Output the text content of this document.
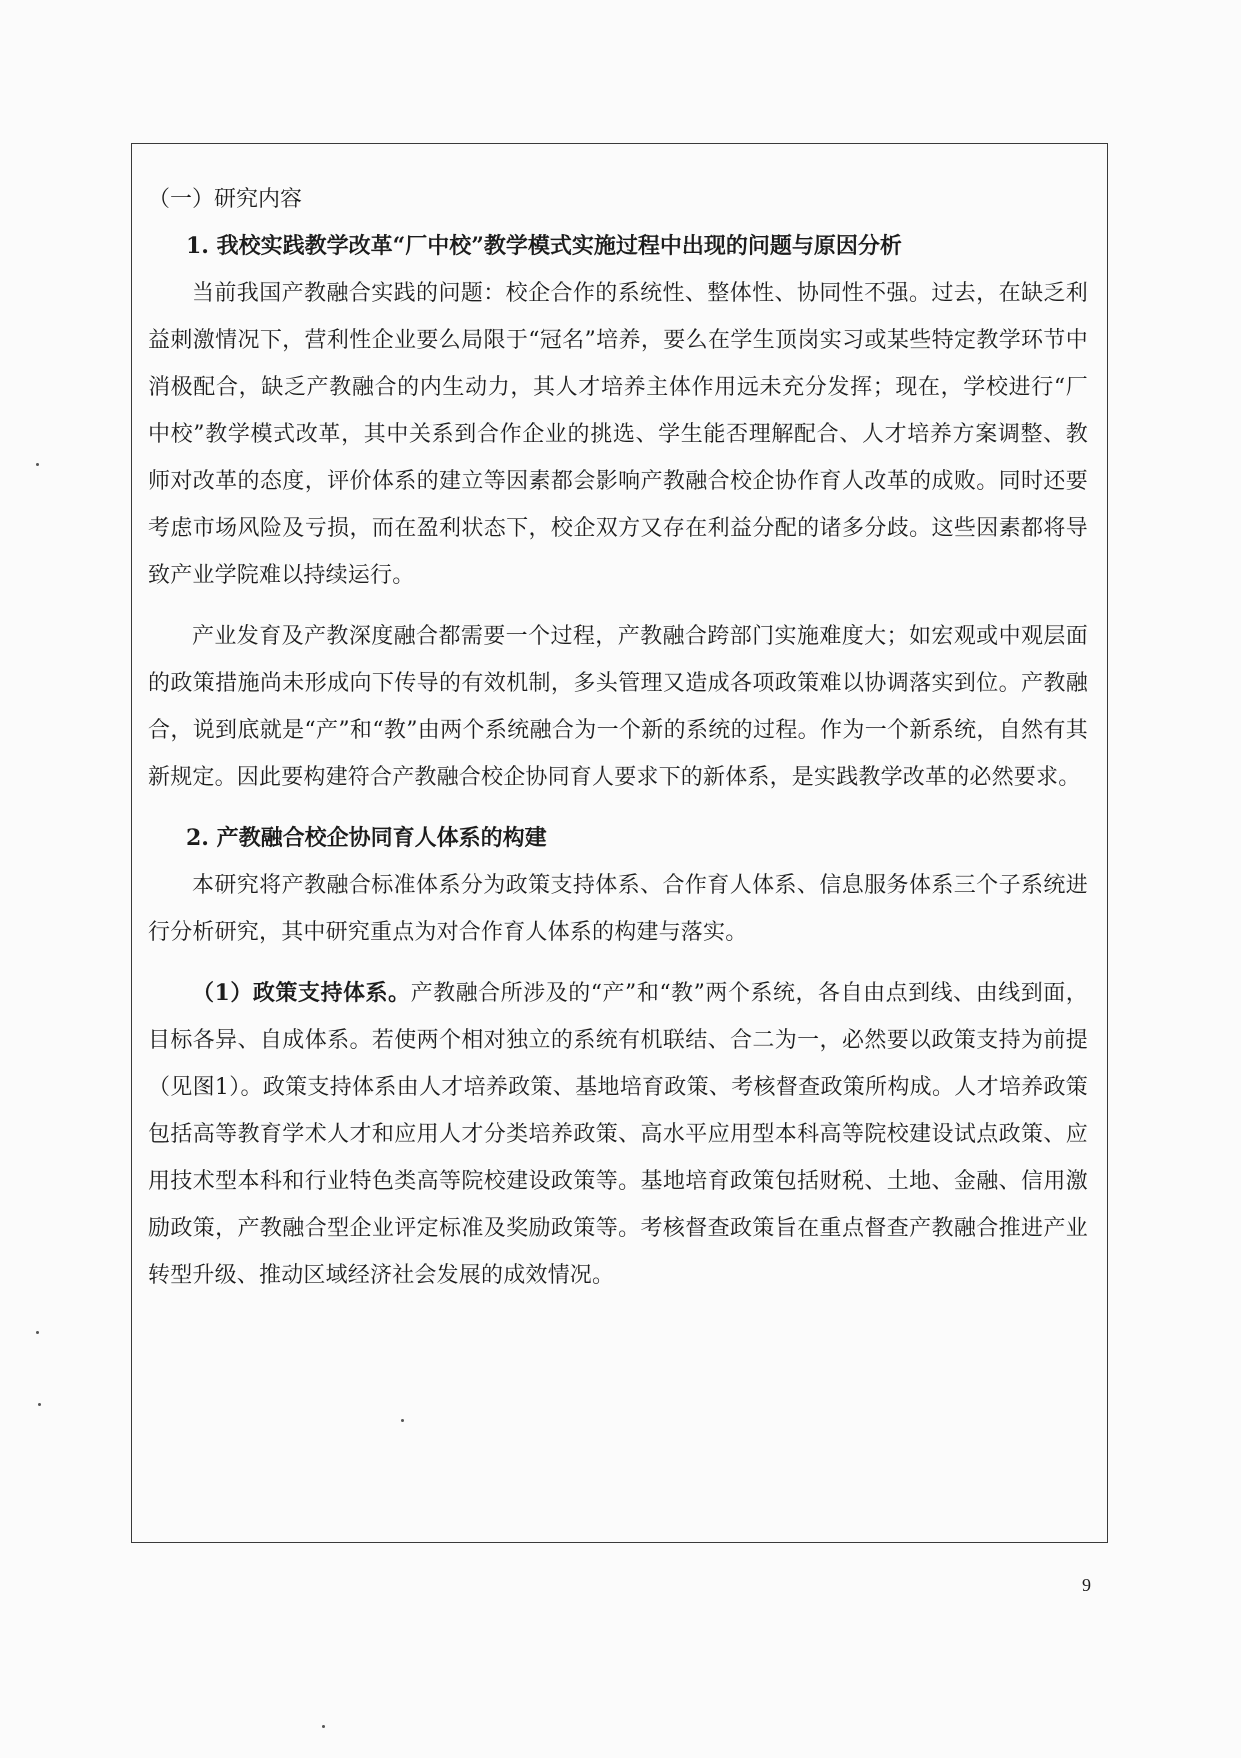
（一）研究内容

1. 我校实践教学改革“厂中校”教学模式实施过程中出现的问题与原因分析

当前我国产教融合实践的问题：校企合作的系统性、整体性、协同性不强。过去，在缺乏利益刺激情况下，营利性企业要么局限于“冠名”培养，要么在学生顶岗实习或某些特定教学环节中消极配合，缺乏产教融合的内生动力，其人才培养主体作用远未充分发挥；现在，学校进行“厂中校”教学模式改革，其中关系到合作企业的挑选、学生能否理解配合、人才培养方案调整、教师对改革的态度，评价体系的建立等因素都会影响产教融合校企协作育人改革的成败。同时还要考虑市场风险及亏损，而在盈利状态下，校企双方又存在利益分配的诸多分歧。这些因素都将导致产业学院难以持续运行。

产业发育及产教深度融合都需要一个过程，产教融合跨部门实施难度大；如宏观或中观层面的政策措施尚未形成向下传导的有效机制，多头管理又造成各项政策难以协调落实到位。产教融合，说到底就是“产”和“教”由两个系统融合为一个新的系统的过程。作为一个新系统，自然有其新规定。因此要构建符合产教融合校企协同育人要求下的新体系，是实践教学改革的必然要求。

2. 产教融合校企协同育人体系的构建

本研究将产教融合标准体系分为政策支持体系、合作育人体系、信息服务体系三个子系统进行分析研究，其中研究重点为对合作育人体系的构建与落实。

（1）政策支持体系。产教融合所涉及的“产”和“教”两个系统，各自由点到线、由线到面，目标各异、自成体系。若使两个相对独立的系统有机联结、合二为一，必然要以政策支持为前提（见图1）。政策支持体系由人才培养政策、基地培育政策、考核督查政策所构成。人才培养政策包括高等教育学术人才和应用人才分类培养政策、高水平应用型本科高等院校建设试点政策、应用技术型本科和行业特色类高等院校建设政策等。基地培育政策包括财税、土地、金融、信用激励政策，产教融合型企业评定标准及奖励政策等。考核督查政策旨在重点督查产教融合推进产业转型升级、推动区域经济社会发展的成效情况。

9
